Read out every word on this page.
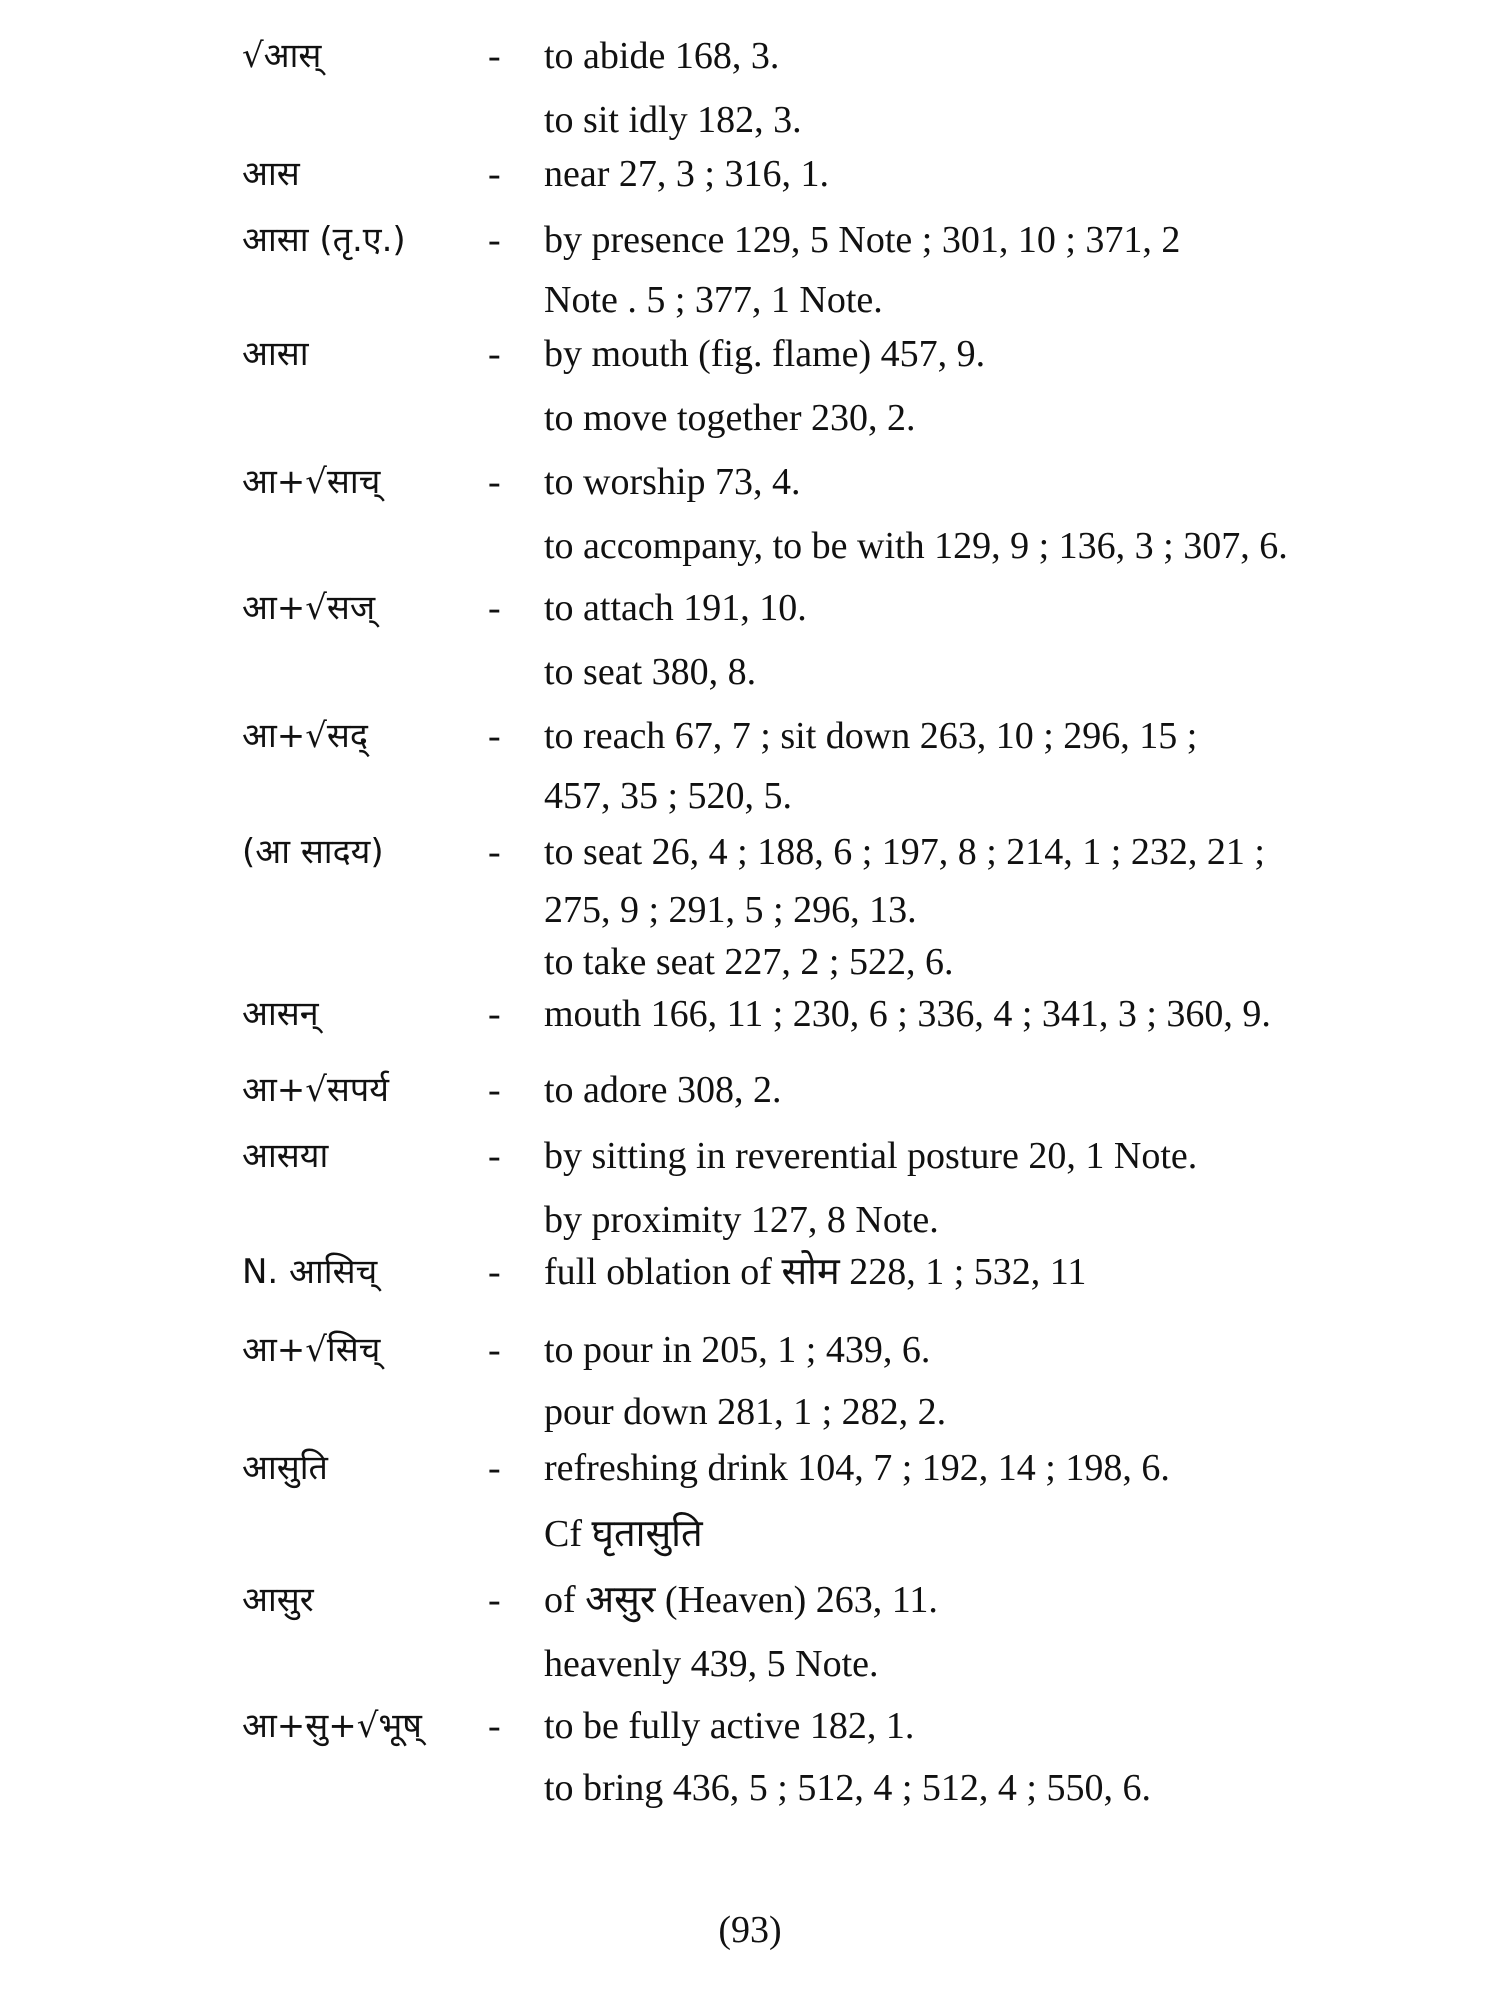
√आस्	- to abide 168, 3.
to sit idly 182, 3.
आस	- near 27, 3 ; 316, 1.
आसा (तृ.ए.) - by presence 129, 5 Note ; 301, 10 ; 371, 2
Note . 5 ; 377, 1 Note.
आसा	- by mouth (fig. flame) 457, 9.
to move together 230, 2.
आ+√साच्	- to worship 73, 4.
to accompany, to be with 129, 9 ; 136, 3 ; 307, 6.
आ+√सज्	- to attach 191, 10.
to seat 380, 8.
आ+√सद्	- to reach 67, 7 ; sit down 263, 10 ; 296, 15 ;
457, 35 ; 520, 5.
(आ सादय)	- to seat 26, 4 ; 188, 6 ; 197, 8 ; 214, 1 ; 232, 21 ;
275, 9 ; 291, 5 ; 296, 13.
to take seat 227, 2 ; 522, 6.
आसन्	- mouth 166, 11 ; 230, 6 ; 336, 4 ; 341, 3 ; 360, 9.
आ+√सपर्य	- to adore 308, 2.
आसया	- by sitting in reverential posture 20, 1 Note.
by proximity 127, 8 Note.
N. आसिच्	- full oblation of सोम 228, 1 ; 532, 11
आ+√सिच्	- to pour in 205, 1 ; 439, 6.
pour down 281, 1 ; 282, 2.
आसुति	- refreshing drink 104, 7 ; 192, 14 ; 198, 6.
Cf घृतासुति
आसुर	- of असुर (Heaven) 263, 11.
heavenly 439, 5 Note.
आ+सु+√भूष् - to be fully active 182, 1.
to bring 436, 5 ; 512, 4 ; 512, 4 ; 550, 6.
(93)
